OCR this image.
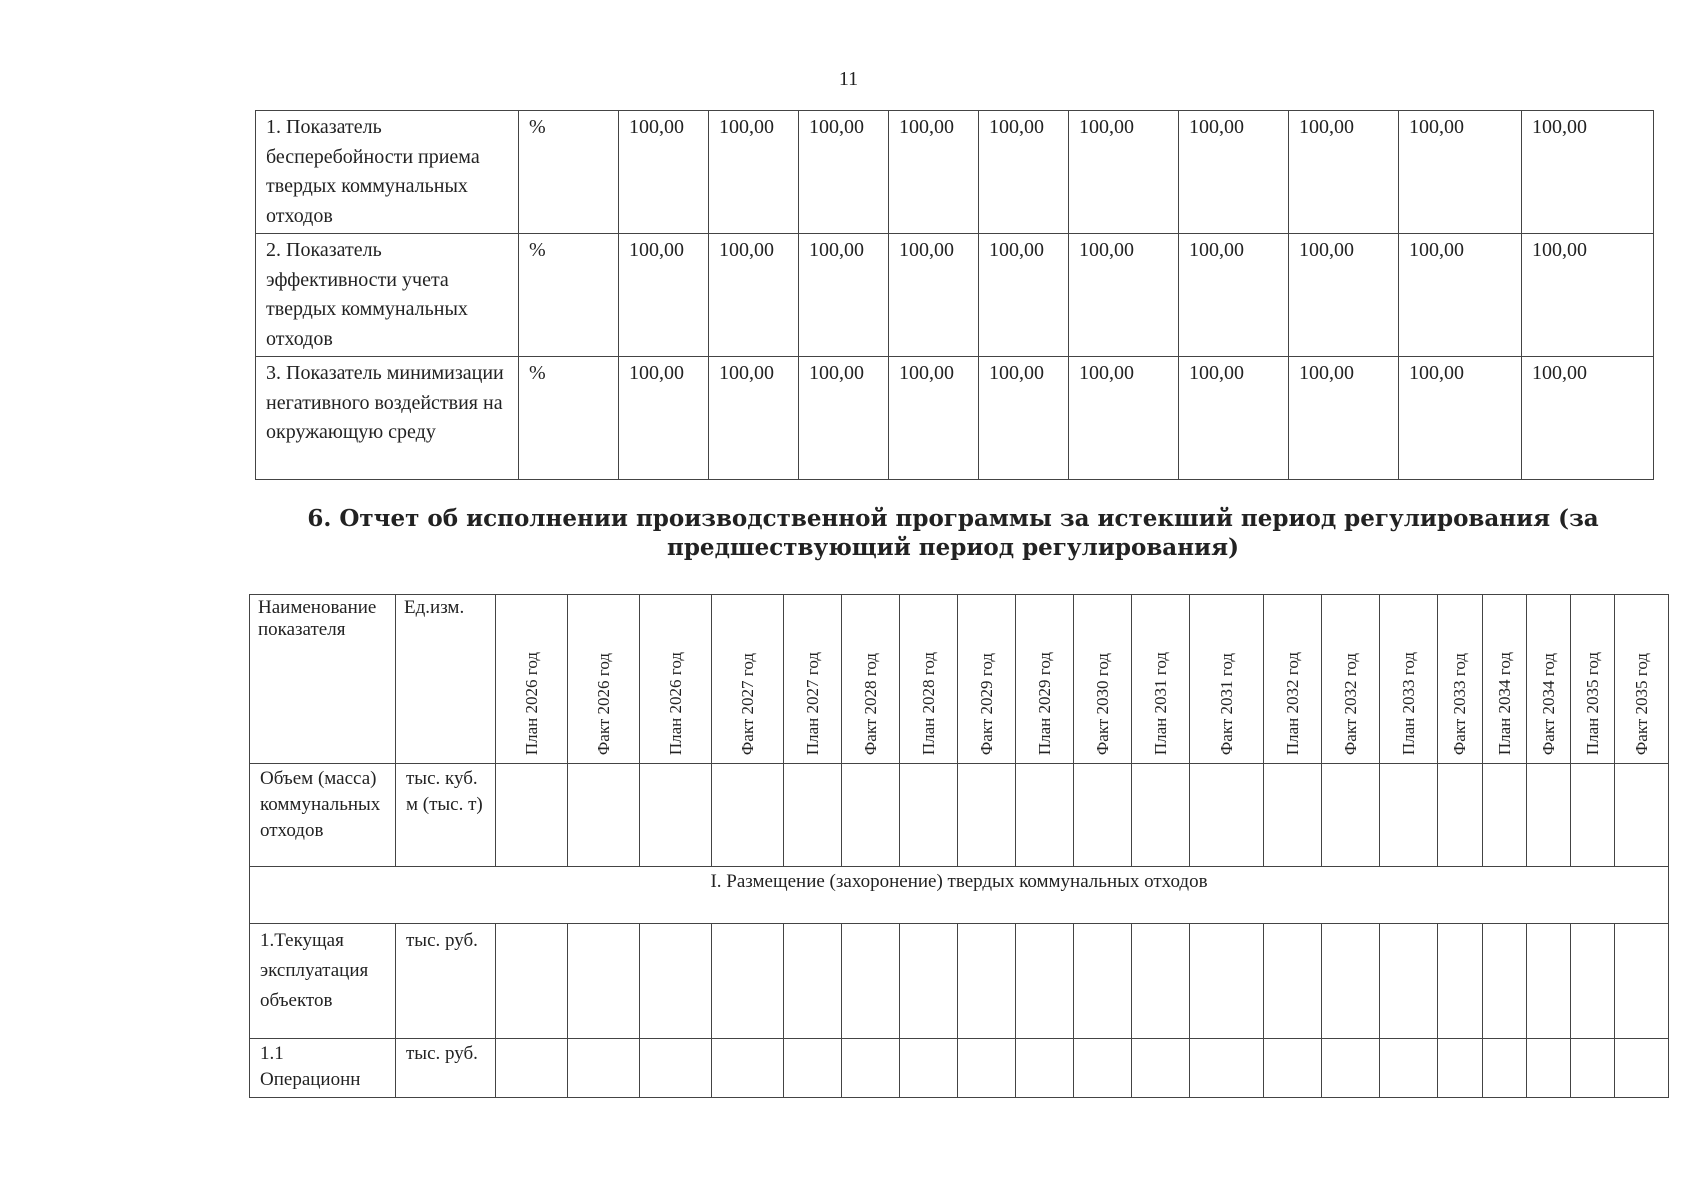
11
1. Показатель бесперебойности приема твердых коммунальных отходов	%	100,00	100,00	100,00	100,00	100,00	100,00	100,00	100,00	100,00	100,00
2. Показатель эффективности учета твердых коммунальных отходов	%	100,00	100,00	100,00	100,00	100,00	100,00	100,00	100,00	100,00	100,00
3. Показатель минимизации негативного воздействия на окружающую среду	%	100,00	100,00	100,00	100,00	100,00	100,00	100,00	100,00	100,00	100,00
6. Отчет об исполнении производственной программы за истекший период регулирования (за предшествующий период регулирования)
Наименование показателя	Ед.изм.	План 2026 год	Факт 2026 год	План 2026 год	Факт 2027 год	План 2027 год	Факт 2028 год	План 2028 год	Факт 2029 год	План 2029 год	Факт 2030 год	План 2031 год	Факт 2031 год	План 2032 год	Факт 2032 год	План 2033 год	Факт 2033 год	План 2034 год	Факт 2034 год	План 2035 год	Факт 2035 год

Объем (масса) коммунальных отходов	тыс. куб. м (тыс. т)																				
I. Размещение (захоронение) твердых коммунальных отходов																					
1.Текущая эксплуатация объектов	тыс. руб.																				
1.1 Операционн	тыс. руб.																				
